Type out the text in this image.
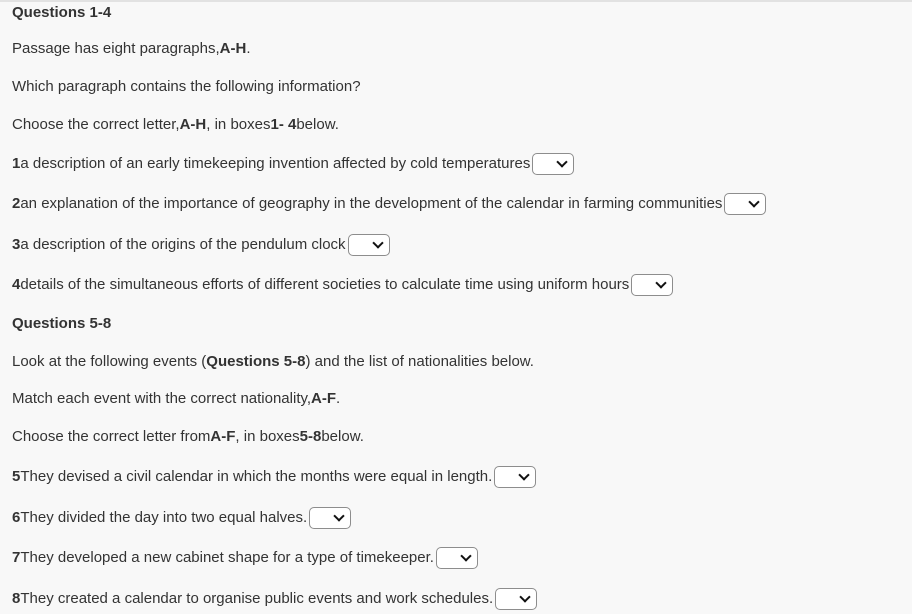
Questions 1-4
Passage has eight paragraphs, A-H .
Which paragraph contains the following information?
Choose the correct letter, A-H , in boxes 1- 4 below.
1 a description of an early timekeeping invention affected by cold temperatures
2 an explanation of the importance of geography in the development of the calendar in farming communities
3 a description of the origins of the pendulum clock
4 details of the simultaneous efforts of different societies to calculate time using uniform hours
Questions 5-8
Look at the following events ( Questions 5-8 ) and the list of nationalities below.
Match each event with the correct nationality, A-F .
Choose the correct letter from A-F , in boxes 5-8 below.
5 They devised a civil calendar in which the months were equal in length.
6 They divided the day into two equal halves.
7 They developed a new cabinet shape for a type of timekeeper.
8 They created a calendar to organise public events and work schedules.
